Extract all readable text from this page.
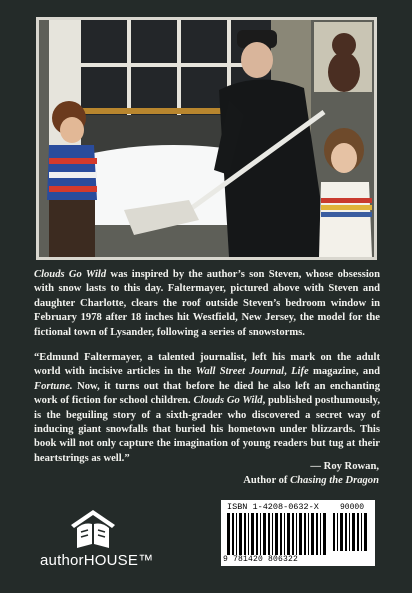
Clouds Go Wild was inspired by the author’s son Steven, whose obsession with snow lasts to this day. Faltermayer, pictured above with Steven and daughter Charlotte, clears the roof outside Steven’s bedroom window in February 1978 after 18 inches hit Westfield, New Jersey, the model for the fictional town of Lysander, following a series of snowstorms.

“Edmund Faltermayer, a talented journalist, left his mark on the adult world with incisive articles in the Wall Street Journal, Life magazine, and Fortune. Now, it turns out that before he died he also left an enchanting work of fiction for school children. Clouds Go Wild, published posthumously, is the beguiling story of a sixth-grader who discovered a secret way of inducing giant snowfalls that buried his hometown under blizzards. This book will not only capture the imagination of young readers but tug at their heartstrings as well.”

— Roy Rowan,
Author of Chasing the Dragon
authorHOUSE™
ISBN 1-4208-0632-X	90000
9 781420 806322
